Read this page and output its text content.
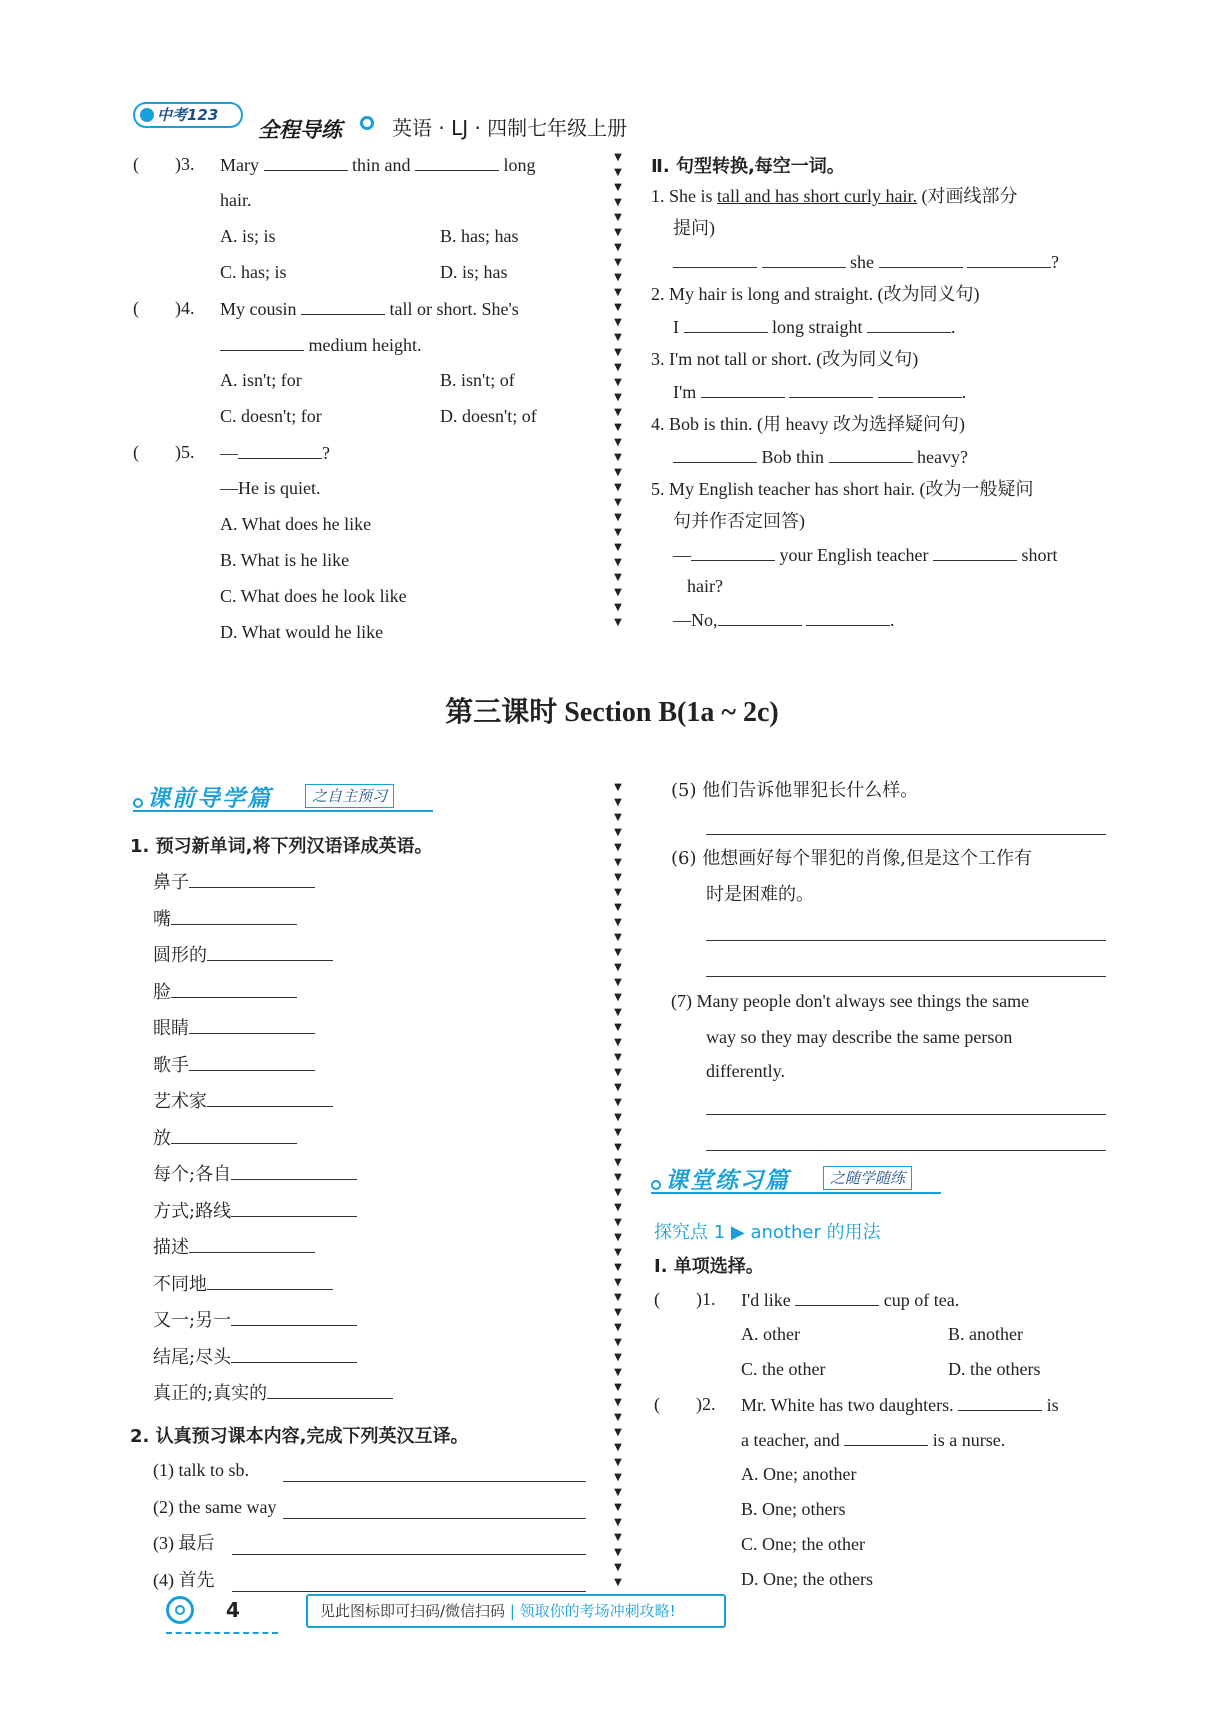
中考123
全程导练	英语 · LJ · 四制七年级上册
(　　)3. Mary	thin and	long
hair.
A. is; is	B. has; has
C. has; is	D. is; has
(　　)4. My cousin	tall or short. She's
medium height.
A. isn't; for	B. isn't; of
C. doesn't; for	D. doesn't; of
(　　)5. —	?
—He is quiet.
A. What does he like
B. What is he like
C. What does he look like
D. What would he like
▼
▼
▼
▼
▼
▼
▼
▼
▼
▼
▼
▼
▼
▼
▼
▼
▼
▼
▼
▼
▼
▼
▼
▼
▼
▼
▼
▼
▼
▼
▼
▼
Ⅱ. 句型转换,每空一词。
1. She is tall and has short curly hair. (对画线部分
提问)
she	?
2. My hair is long and straight. (改为同义句)
I	long straight	.
3. I'm not tall or short. (改为同义句)
I'm	.
4. Bob is thin. (用 heavy 改为选择疑问句)
Bob thin	heavy?
5. My English teacher has short hair. (改为一般疑问
句并作否定回答)
—	your English teacher	short
hair?
—No,	.
第三课时 Section B(1a ~ 2c)
课前导学篇	之自主预习
1. 预习新单词,将下列汉语译成英语。
鼻子
嘴
圆形的
脸
眼睛
歌手
艺术家
放
每个;各自
方式;路线
描述
不同地
又一;另一
结尾;尽头
真正的;真实的
2. 认真预习课本内容,完成下列英汉互译。
(1) talk to sb.
(2) the same way
(3) 最后
(4) 首先
▼
▼
▼
▼
▼
▼
▼
▼
▼
▼
▼
▼
▼
▼
▼
▼
▼
▼
▼
▼
▼
▼
▼
▼
▼
▼
▼
▼
▼
▼
▼
▼
▼
▼
▼
▼
▼
▼
▼
▼
▼
▼
▼
▼
▼
▼
▼
▼
▼
▼
▼
▼
▼
▼
(5) 他们告诉他罪犯长什么样。
(6) 他想画好每个罪犯的肖像,但是这个工作有
时是困难的。
(7) Many people don't always see things the same
way so they may describe the same person
differently.
课堂练习篇	之随学随练
探究点 1 ▶ another 的用法
Ⅰ. 单项选择。
(　　)1. I'd like	cup of tea.
A. other	B. another
C. the other	D. the others
(　　)2. Mr. White has two daughters.	is
a teacher, and	is a nurse.
A. One; another
B. One; others
C. One; the other
D. One; the others
4	见此图标即可扫码/微信扫码 | 领取你的考场冲刺攻略!
